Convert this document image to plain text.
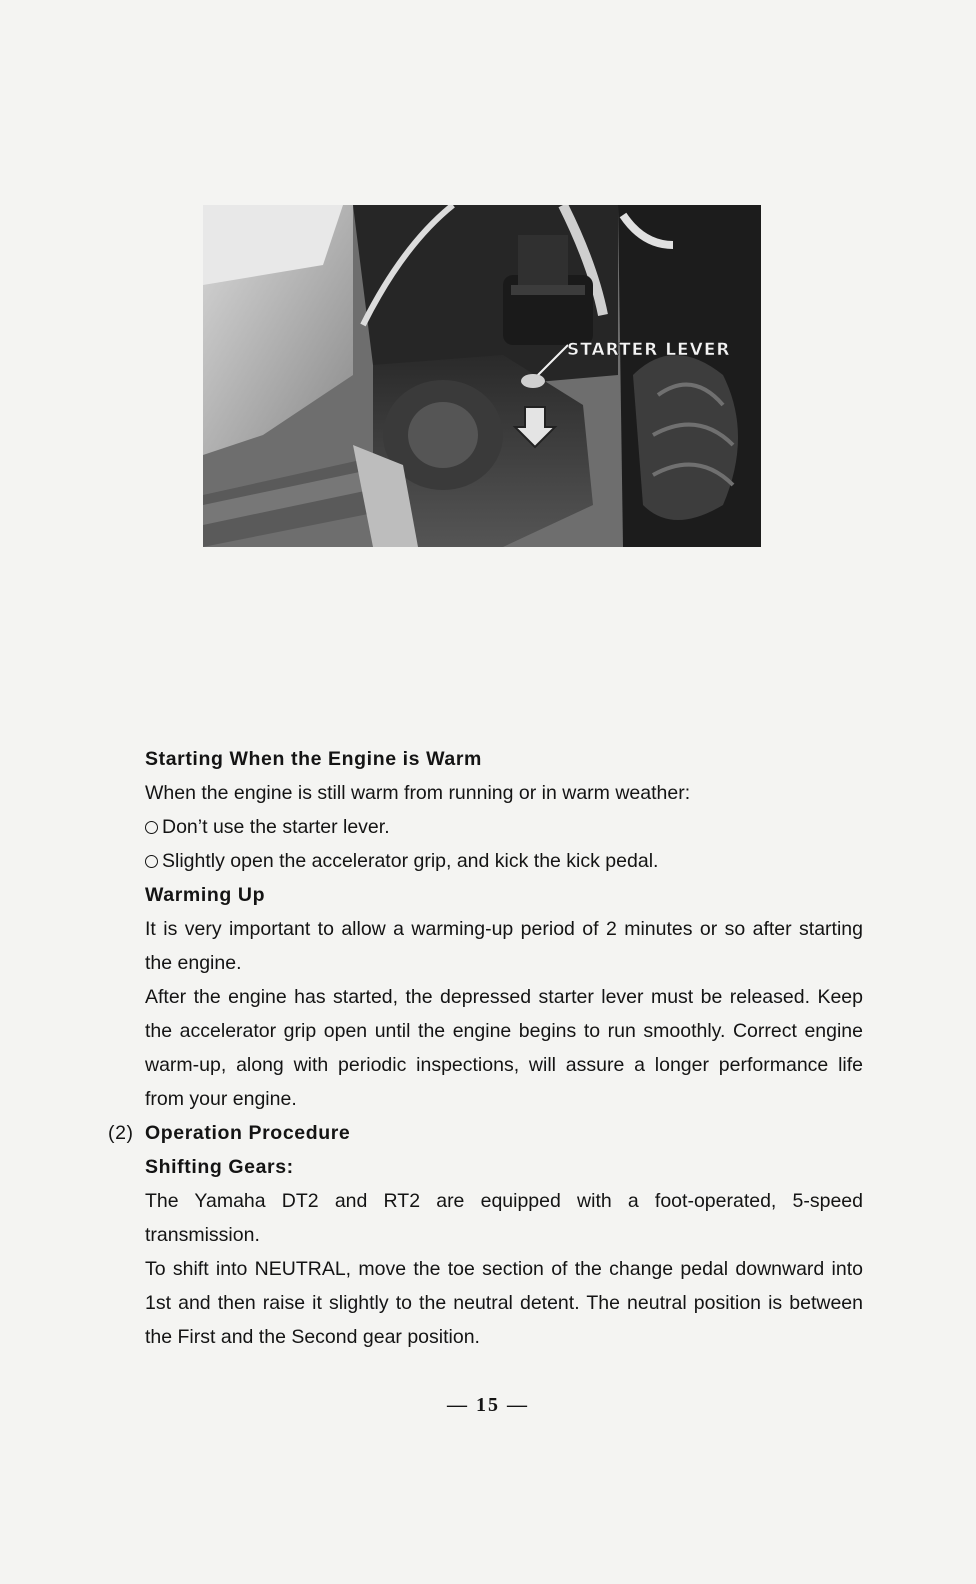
STARTER LEVER

Starting When the Engine is Warm

When the engine is still warm from running or in warm weather:

Don’t use the starter lever.

Slightly open the accelerator grip, and kick the kick pedal.

Warming Up

It is very important to allow a warming-up period of 2 minutes or so after starting the engine.

After the engine has started, the depressed starter lever must be released. Keep the accelerator grip open until the engine begins to run smoothly. Correct engine warm-up, along with periodic inspections, will assure a longer performance life from your engine.

(2) Operation Procedure

Shifting Gears:

The Yamaha DT2 and RT2 are equipped with a foot-operated, 5-speed transmission.

To shift into NEUTRAL, move the toe section of the change pedal downward into 1st and then raise it slightly to the neutral detent. The neutral position is between the First and the Second gear position.

— 15 —
